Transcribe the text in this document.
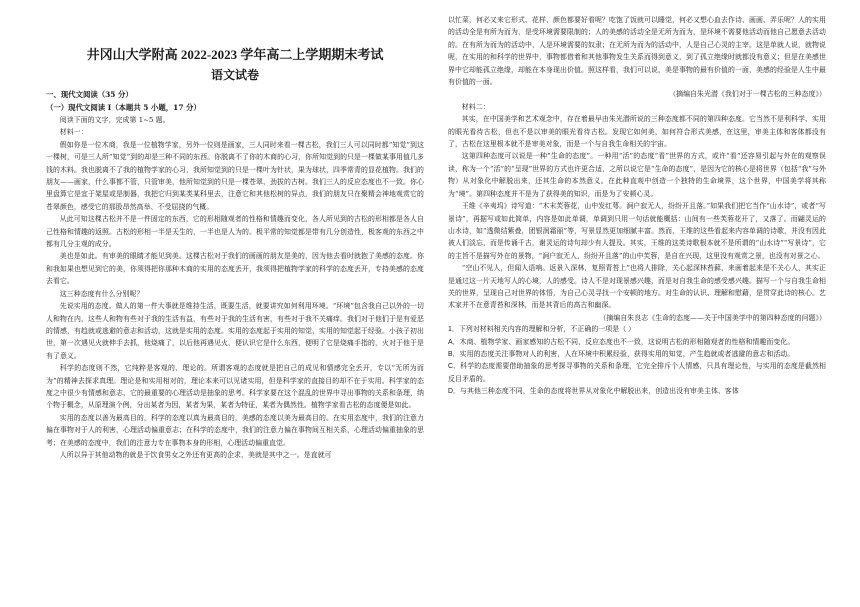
井冈山大学附高 2022-2023 学年高二上学期期末考试
语文试卷
一、现代文阅读（35 分）
（一）现代文阅读 I（本题共 5 小题，17 分）

阅读下面的文字，完成第 1~5 题。

材料一：

假如你是一位木商，我是一位植物学家，另外一位则是画家，三人同时来看一棵古松，我们三人可以同时都“知觉”到这一棵树，可是三人所“知觉”到的却是三种不同的东西。你脱离不了你的木商的心习，你所知觉到的只是一棵做某事用值几多钱的木料。我也脱离不了我的植物学家的心习，我所知觉到的只是一棵叶为针状，果为球状，四季常青的显花植物。我们的朋友——画家，什么事都不管，只管审美，他所知觉到的只是一棵苍翠、劲拔的古树。我们三人的反应态度也不一致。你心里盘算它是宜于架屋或是制器，我把它归到某类某科里去，注意它和其他松树的异点，我们的朋友只在聚精会神地观赏它的苍翠颜色，感受它的那股昂然高举、不受屈挠的气概。

从此可知这棵古松并不是一件固定的东西，它的形相随观者的性格和情趣而变化，各人所见到的古松的形相都是各人自己性格和情趣的返照。古松的形相一半是天生的，一半也是人为的。极平常的知觉都是带有几分创造性，极客观的东西之中都有几分主观的成分。

美也是如此。有审美的眼睛才能见到美。这棵古松对于我们的画画的朋友是美的，因为他去看时就抱了美感的态度。你和我如果也想见到它的美，你须得把你那种木商的实用的态度丢开，我须得把植物学家的科学的态度丢开，专持美感的态度去看它。

这三种态度有什么分别呢？

先说实用的态度。做人的第一件大事就是维持生活，既要生活，就要讲究如何利用环境。“环境”包含我自己以外的一切人和物在内，这些人和物有些对于我的生活有益，有些对于我的生活有害，有些对于我不关痛痒。我们对于他们于是有爱恶的情感，有趋就或逃避的意志和活动，这就是实用的态度。实用的态度起于实用的知觉，实用的知觉起于经验。小孩子初出世，第一次遇见火就伸手去抓，他烧痛了，以后他再遇见火，便认识它是什么东西，便明了它是烧痛手指的，火对于他于是有了意义。

科学的态度则不然，它纯粹是客观的、理论的。所谓客观的态度就是把自己的成见和情感完全丢开，专以“无所为而为”的精神去探求真理。理论是和实用相对的，理论本来可以见诸实用，但是科学家的直接目的却不在于实用。科学家的态度之中很少有情感和意志，它的最重要的心理活动是抽象的思考。科学家要在这个混乱的世界中寻出事物的关系和条理，纳个物于概念，从原理演个例，分出某者为因，某者为果，某者为特征，某者为偶然性。植物学家看古松的态度便是如此。

实用的态度以善为最高目的，科学的态度以真为最高目的，美感的态度以美为最高目的。在实用态度中，我们的注意力偏在事物对于人的利害，心理活动偏重意志；在科学的态度中，我们的注意力偏在事物间互相关系，心理活动偏重抽象的思考；在美感的态度中，我们的注意力专在事物本身的形相，心理活动偏重直觉。

人所以异于其他动物的就是于饮食男女之外还有更高的企求，美就是其中之一。是直就可

以忙菜，何必又来它形式、花样、颜色都要好看呢？吃饱了饭就可以睡觉，何必又想心血去作诗、画画、弄乐呢？人的实用的活动全是有所为而为，是受环境需要限制的；人的美感的活动全是无所为而为，是环境不需要他活动而他自己愿意去活动的。在有所为而为的活动中，人是环境需要的奴隶；在无所为而为的活动中，人是自己心灵的主宰。这是单就人说，就物说呢，在实用的和科学的世界中，事物都借着和其他事物发生关系而得到意义，到了孤立绝缘时就都没有意义；但是在美感世界中它却能孤立绝缘，却能在本身现出价值。照这样看，我们可以说，美是事物的最有价值的一面，美感的经验是人生中最有价值的一面。

（摘编自朱光潜《我们对于一棵古松的三种态度》）

材料二：

其实，在中国美学和艺术观念中，存在着最早由朱光潜所说的三种态度都不同的第四种态度。它当然不是利科学、实用的眼光看待古松，但也不是以审美的眼光看待古松。发现它如何美，如何符合形式美感，在这里，审美主体和客体都没有了，古松在这里根本就不是审美对象，而是一个与自我生命相关的宇宙。

这第四种态度可以说是一种“生命的态度”。一种用“活”的态度“看”世界的方式，或许“看”还容易引起与外在的观察误读，称为一个“活”的“呈现”世界的方式也许更合适，之所以说它是“生命的态度”，是因为它的核心是将世界（包括“我”与外物）从对象化中解脱出来，还其生命的本然意义。在此种直观中创造一个独特的生命境界，这个世界，中国美学将其称为“境”。第四种态度并不是为了获得美的知识，而是为了安顿心灵。

王维《辛夷坞》诗写道：“木末芙蓉花，山中发红萼。涧户寂无人，纷纷开且落。”如果我们把它当作“山水诗”，或者“写景诗”，再据写或如此简单，内容是如此单调，单调到只用一句话就能概括：山间有一些芙蓉花开了，又落了。而翩灵运的山水诗，如“透微结紫叠，团银润霜丽”等，写景显然更加细腻丰富。然而，王维的这些看起来内容单调的诗歌，并没有因此被人们淡忘，而是传诵千古，谢灵运的诗句却少有人提及。其实，王维的这类诗歌根本就不是所谓的“山水诗”“写景诗”，它的主旨不是描写外在的景物，“涧户寂无人，纷纷开且落”的山中芙蓉，是自在兴现，这里没有观赏之景，也没有对景之心。

“空山不见人，但闻人语响。返景入深林，复照青苔上”也将人排除，关心起深林苔藓，来画着起来是不关心人，其实正是通过这一片天地写人的心境，人的感受。诗人不是对现景感兴趣，而是对自我生命的感受感兴趣。描写一个与自我生命相关的世界，呈现自己对世界的体悟，为自己心灵寻找一个安顿的地方。对生命的认识、理解和慰藉，是贯穿此诗的核心。艺术家并不在意青苔和深林，而是其背后的高古和幽深。

（摘编自朱良志《生命的态度——关于中国美学中的第四种态度的问题》）

1．下列对材料相关内容的理解和分析，不正确的一项是（ ）

A．木商、植物学家、画家感知的古松不同，反应态度也不一致，这说明古松的形相随观者的性格和情趣而变化。

B．实用的态度关注事物对人的利害，人在环境中积累经验，获得实用的知觉，产生趋就或者逃避的意志和活动。

C．科学的态度需要借助抽象的思考探寻事物的关系和条理，它完全排斥个人情感，只具有理论性，与实用的态度是截然相反目矛盾的。

D．与其他三种态度不同，生命的态度将世界从对象化中解脱出来，创造出没有审美主体、客体
